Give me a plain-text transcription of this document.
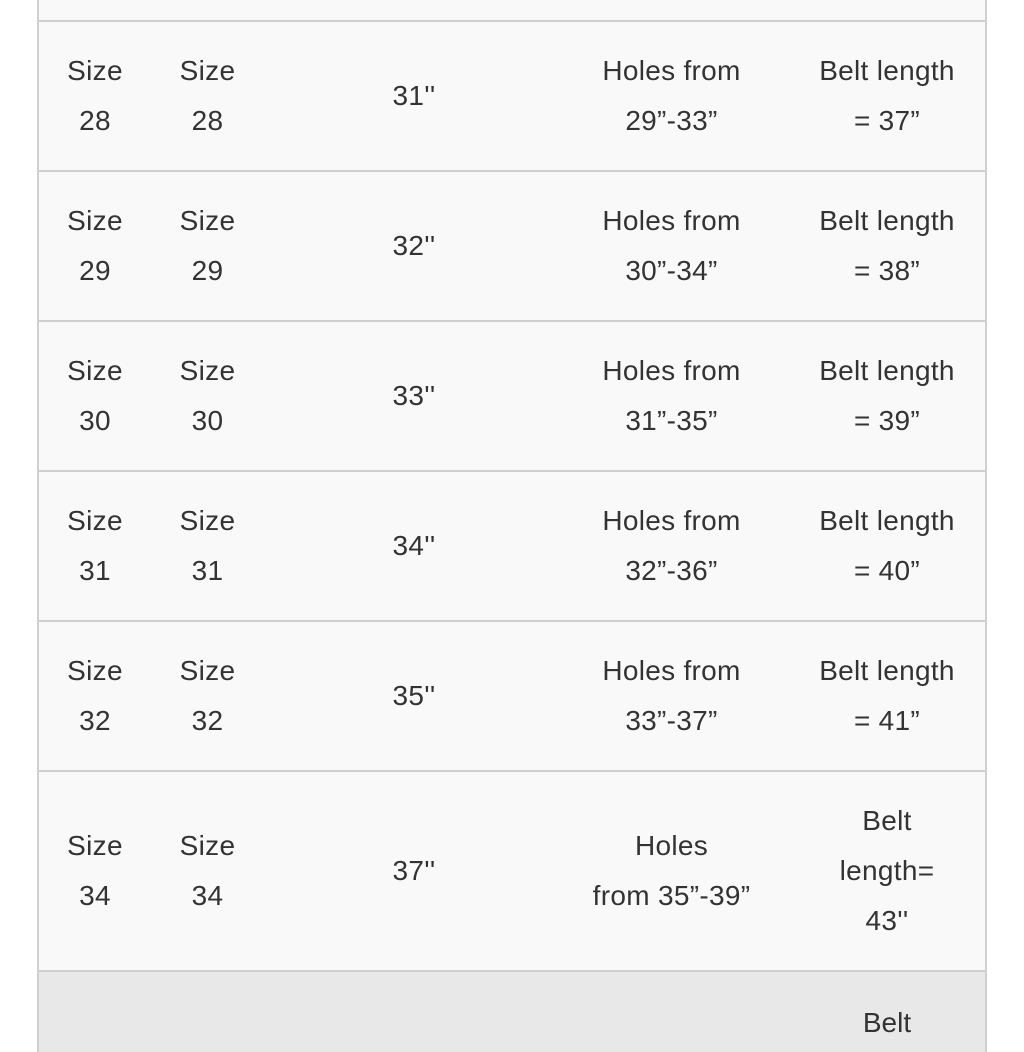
Size
28
Size
28
31''
Holes from
29”-33”
Belt length
= 37”
Size
29
Size
29
32''
Holes from
30”-34”
Belt length
= 38”
Size
30
Size
30
33''
Holes from
31”-35”
Belt length
= 39”
Size
31
Size
31
34''
Holes from
32”-36”
Belt length
= 40”
Size
32
Size
32
35''
Holes from
33”-37”
Belt length
= 41”
Size
34
Size
34
37''
Holes
from 35”-39”
Belt
length=
43''
Belt
